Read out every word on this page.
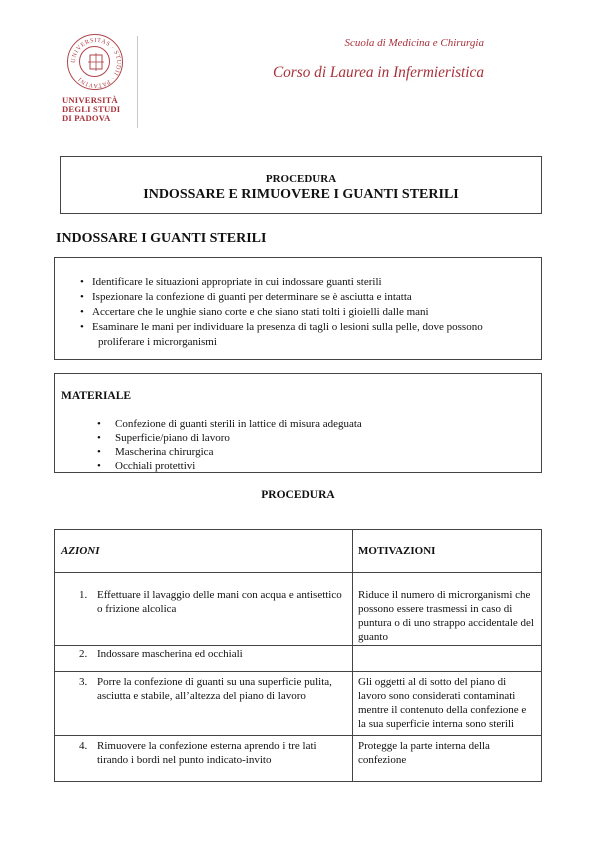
UNIVERSITAS · STUDII · PATAVINI
UNIVERSITÀ
DEGLI STUDI
DI PADOVA
Scuola di Medicina e Chirurgia
Corso di Laurea in Infermieristica
PROCEDURA
INDOSSARE E RIMUOVERE I GUANTI STERILI
INDOSSARE I GUANTI STERILI
• Identificare le situazioni appropriate in cui indossare guanti sterili
• Ispezionare la confezione di guanti per determinare se è asciutta e intatta
• Accertare che le unghie siano corte e che siano stati tolti i gioielli dalle mani
• Esaminare le mani per individuare la presenza di tagli o lesioni sulla pelle, dove possono
proliferare i microrganismi
MATERIALE
• Confezione di guanti sterili in lattice di misura adeguata
• Superficie/piano di lavoro
• Mascherina chirurgica
• Occhiali protettivi
PROCEDURA
AZIONI	MOTIVAZIONI

1. Effettuare il lavaggio delle mani con acqua e antisettico o frizione alcolica	Riduce il numero di microrganismi che possono essere trasmessi in caso di puntura o di uno strappo accidentale del guanto

2. Indossare mascherina ed occhiali	

3. Porre la confezione di guanti su una superficie pulita, asciutta e stabile, all’altezza del piano di lavoro	Gli oggetti al di sotto del piano di lavoro sono considerati contaminati mentre il contenuto della confezione e la sua superficie interna sono sterili

4. Rimuovere la confezione esterna aprendo i tre lati tirando i bordi nel punto indicato-invito	Protegge la parte interna della confezione
